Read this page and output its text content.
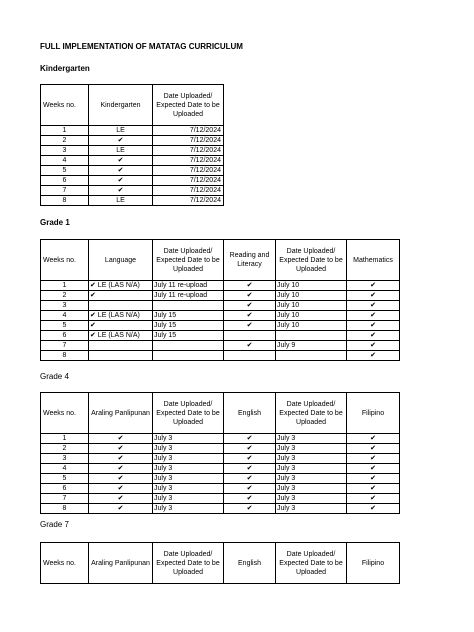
FULL IMPLEMENTATION OF MATATAG CURRICULUM
Kindergarten
Weeks no.	Kindergarten	Date Uploaded/ Expected Date to be Uploaded
1	LE	7/12/2024
2	✔	7/12/2024
3	LE	7/12/2024
4	✔	7/12/2024
5	✔	7/12/2024
6	✔	7/12/2024
7	✔	7/12/2024
8	LE	7/12/2024
Grade 1
Weeks no.	Language	Date Uploaded/ Expected Date to be Uploaded	Reading and Literacy	Date Uploaded/ Expected Date to be Uploaded	Mathematics
1	✔ LE (LAS N/A)	July 11 re-upload	✔	July 10	✔
2	✔	July 11 re-upload	✔	July 10	✔
3			✔	July 10	✔
4	✔ LE (LAS N/A)	July 15	✔	July 10	✔
5	✔	July 15	✔	July 10	✔
6	✔ LE (LAS N/A)	July 15			✔
7			✔	July 9	✔
8					✔
Grade 4
Weeks no.	Araling Panlipunan	Date Uploaded/ Expected Date to be Uploaded	English	Date Uploaded/ Expected Date to be Uploaded	Filipino
1	✔	July 3	✔	July 3	✔
2	✔	July 3	✔	July 3	✔
3	✔	July 3	✔	July 3	✔
4	✔	July 3	✔	July 3	✔
5	✔	July 3	✔	July 3	✔
6	✔	July 3	✔	July 3	✔
7	✔	July 3	✔	July 3	✔
8	✔	July 3	✔	July 3	✔
Grade 7
Weeks no.	Araling Panlipunan	Date Uploaded/ Expected Date to be Uploaded	English	Date Uploaded/ Expected Date to be Uploaded	Filipino
